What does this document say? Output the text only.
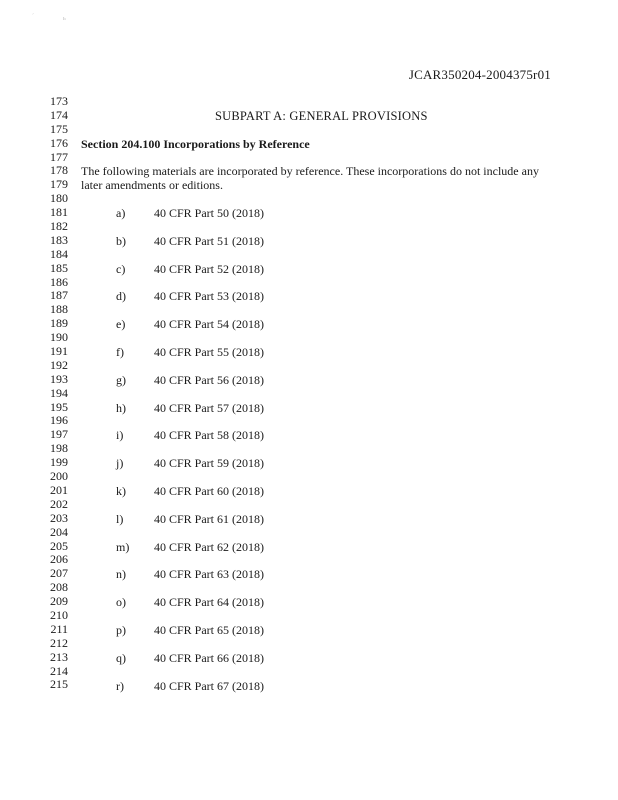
ˊ	ь
JCAR350204-2004375r01
173
174
175
176
177
178
179
180
181
182
183
184
185
186
187
188
189
190
191
192
193
194
195
196
197
198
199
200
201
202
203
204
205
206
207
208
209
210
211
212
213
214
215
SUBPART A: GENERAL PROVISIONS
Section 204.100 Incorporations by Reference
The following materials are incorporated by reference. These incorporations do not include any
later amendments or editions.
a) 40 CFR Part 50 (2018)
b) 40 CFR Part 51 (2018)
c) 40 CFR Part 52 (2018)
d) 40 CFR Part 53 (2018)
e) 40 CFR Part 54 (2018)
f)	40 CFR Part 55 (2018)
g) 40 CFR Part 56 (2018)
h) 40 CFR Part 57 (2018)
i)	40 CFR Part 58 (2018)
j)	40 CFR Part 59 (2018)
k) 40 CFR Part 60 (2018)
l)	40 CFR Part 61 (2018)
m) 40 CFR Part 62 (2018)
n) 40 CFR Part 63 (2018)
o) 40 CFR Part 64 (2018)
p) 40 CFR Part 65 (2018)
q) 40 CFR Part 66 (2018)
r)	40 CFR Part 67 (2018)
